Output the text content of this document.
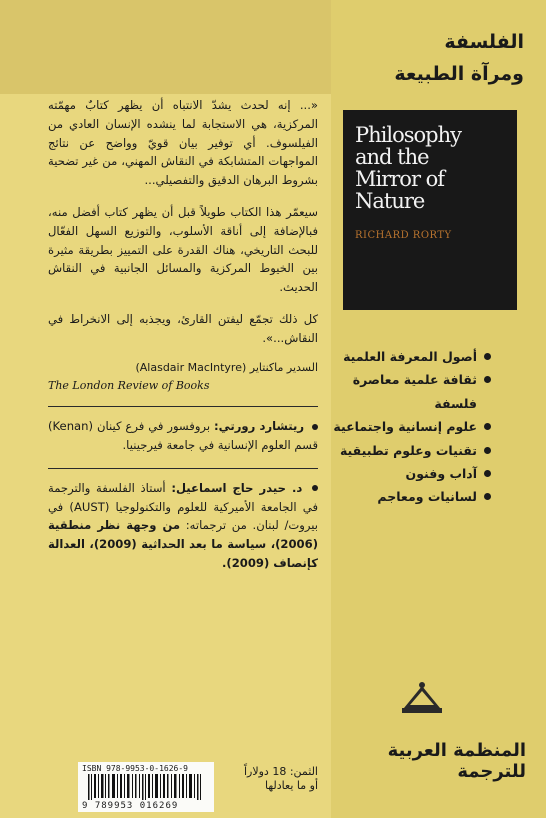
الفلسفة
ومرآة الطبيعة
Philosophy
and the
Mirror of
Nature
RICHARD RORTY
أصول المعرفة العلمية
ثقافة علمية معاصرة
فلسفة
علوم إنسانية واجتماعية
تقنيات وعلوم تطبيقية
آداب وفنون
لسانيات ومعاجم
المنظمة العربية للترجمة

«... إنه لحدث يشدّ الانتباه أن يظهر كتابٌ مهمّته المركزية، هي الاستجابة لما ينشده الإنسان العادي من الفيلسوف. أي توفير بيان قويّ وواضح عن نتائج المواجهات المتشابكة في النقاش المهني، من غير تضحية بشروط البرهان الدقيق والتفصيلي...

سيعمّر هذا الكتاب طويلاً قبل أن يظهر كتاب أفضل منه، فبالإضافة إلى أناقة الأسلوب، والتوزيع السهل الفعّال للبحث التاريخي، هناك القدرة على التمييز بطريقة مثيرة بين الخيوط المركزية والمسائل الجانبية في النقاش الحديث.

كل ذلك تجمّع ليفتن القارئ، ويجذبه إلى الانخراط في النقاش...».

السدير ماكنتاير (Alasdair MacIntyre)
The London Review of Books

ريتشارد رورتي: بروفسور في فرع كينان (Kenan) قسم العلوم الإنسانية في جامعة فيرجينيا.

د. حيدر حاج اسماعيل: أستاذ الفلسفة والترجمة في الجامعة الأميركية للعلوم والتكنولوجيا (AUST) في بيروت/ لبنان. من ترجماته: من وجهة نظر منطقية (2006)، سياسة ما بعد الحداثية (2009)، العدالة كإنصاف (2009).

الثمن: 18 دولاراً
أو ما يعادلها
ISBN 978-9953-0-1626-9
9 789953 016269
